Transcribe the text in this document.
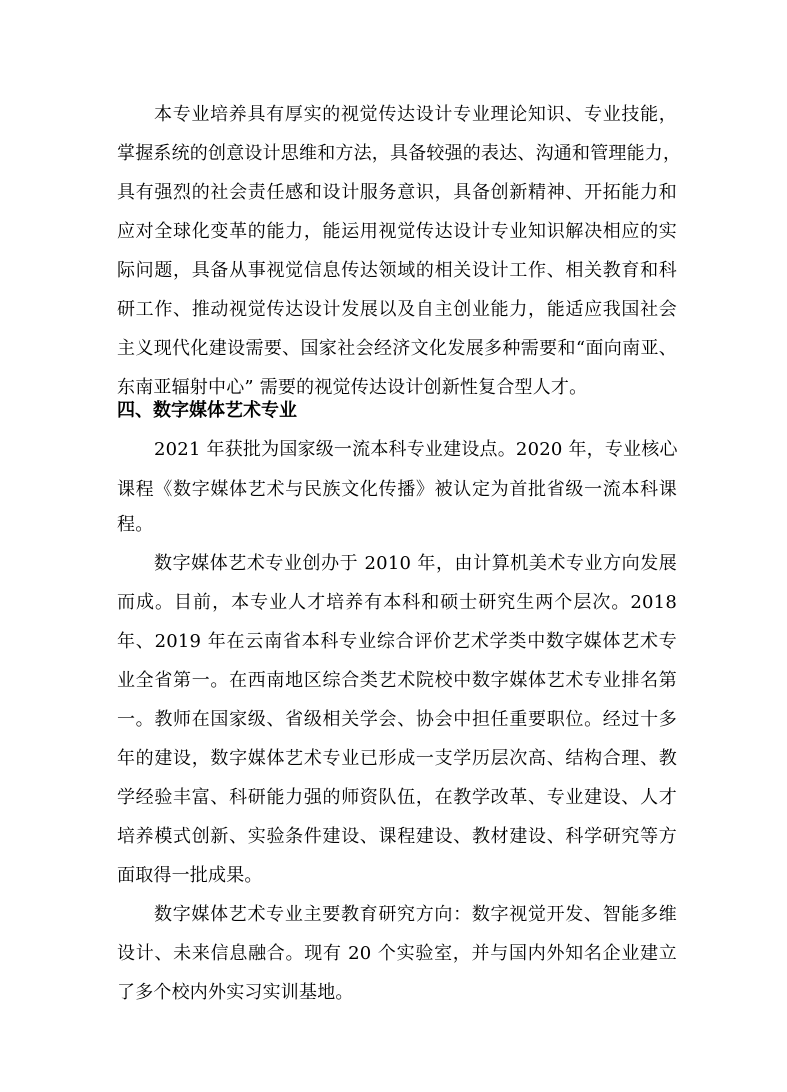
本专业培养具有厚实的视觉传达设计专业理论知识、专业技能，
掌握系统的创意设计思维和方法，具备较强的表达、沟通和管理能力，
具有强烈的社会责任感和设计服务意识，具备创新精神、开拓能力和
应对全球化变革的能力，能运用视觉传达设计专业知识解决相应的实
际问题，具备从事视觉信息传达领域的相关设计工作、相关教育和科
研工作、推动视觉传达设计发展以及自主创业能力，能适应我国社会
主义现代化建设需要、国家社会经济文化发展多种需要和“面向南亚、
东南亚辐射中心” 需要的视觉传达设计创新性复合型人才。
四、数字媒体艺术专业
2021 年获批为国家级一流本科专业建设点。2020 年，专业核心
课程《数字媒体艺术与民族文化传播》被认定为首批省级一流本科课
程。
数字媒体艺术专业创办于 2010 年，由计算机美术专业方向发展
而成。目前，本专业人才培养有本科和硕士研究生两个层次。2018
年、2019 年在云南省本科专业综合评价艺术学类中数字媒体艺术专
业全省第一。在西南地区综合类艺术院校中数字媒体艺术专业排名第
一。教师在国家级、省级相关学会、协会中担任重要职位。经过十多
年的建设，数字媒体艺术专业已形成一支学历层次高、结构合理、教
学经验丰富、科研能力强的师资队伍，在教学改革、专业建设、人才
培养模式创新、实验条件建设、课程建设、教材建设、科学研究等方
面取得一批成果。
数字媒体艺术专业主要教育研究方向：数字视觉开发、智能多维
设计、未来信息融合。现有 20 个实验室，并与国内外知名企业建立
了多个校内外实习实训基地。
